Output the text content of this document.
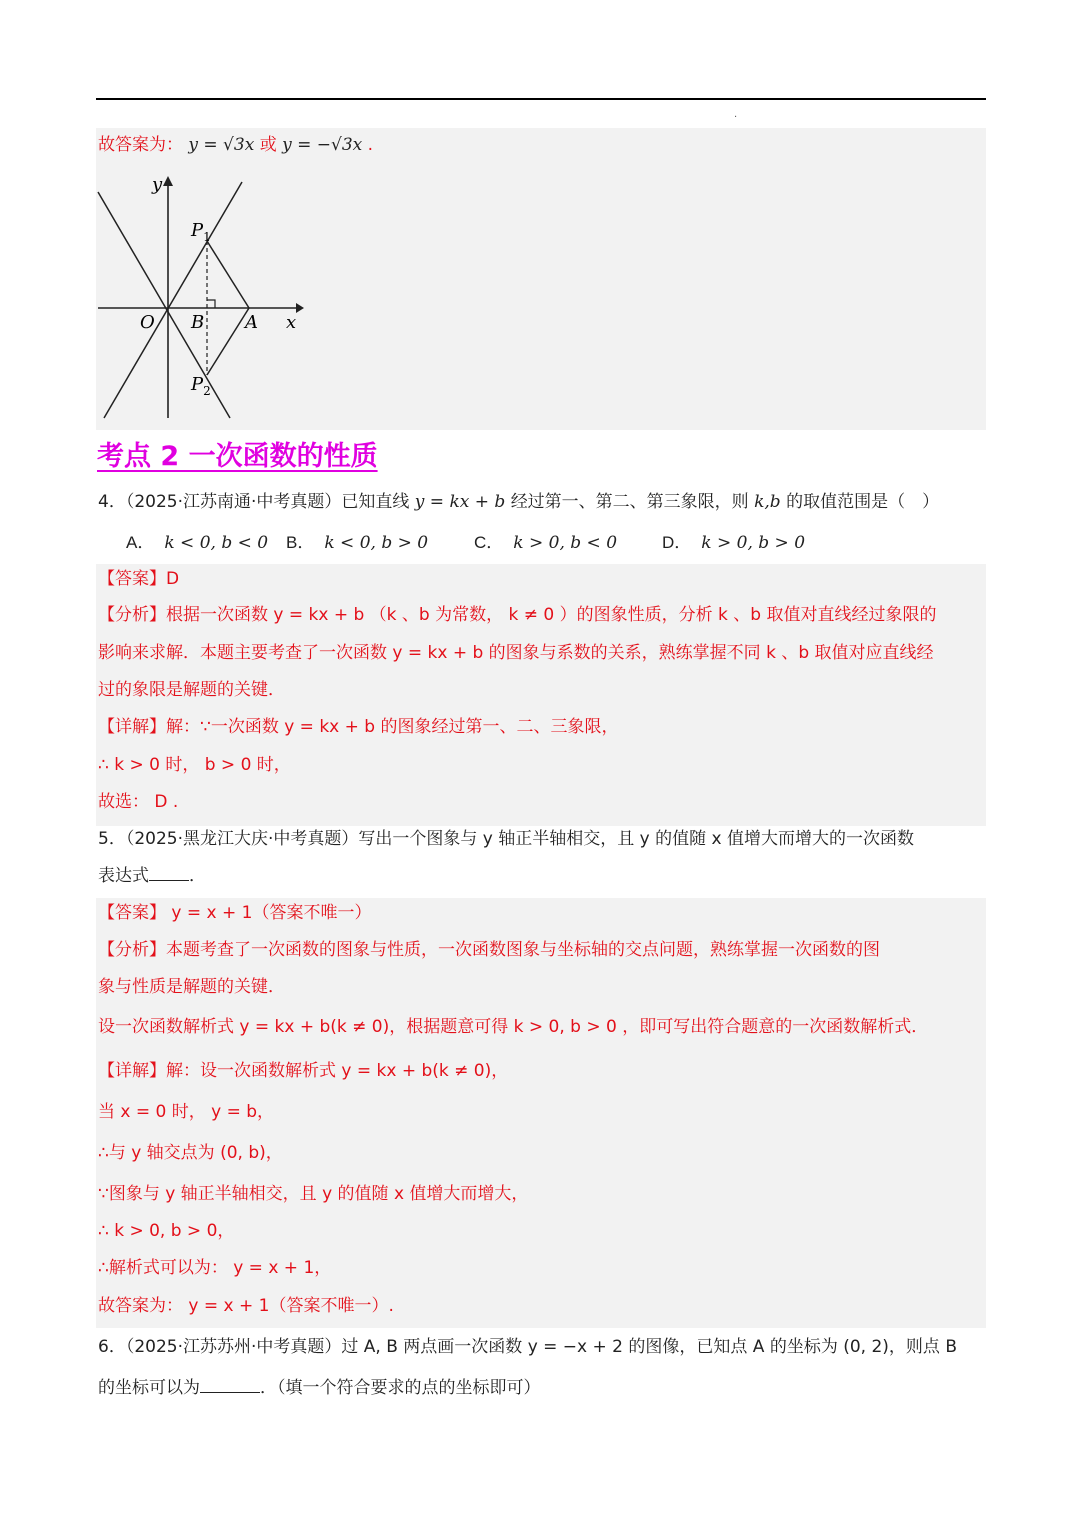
·
故答案为： y = √3x 或 y = −√3x .
y
x
O B A
$P_1$
$P_2$
考点 2 一次函数的性质
4．（2025·江苏南通·中考真题）已知直线 y = kx + b 经过第一、第二、第三象限，则 k,b 的取值范围是（　）
A． k < 0, b < 0 B． k < 0, b > 0	C． k > 0, b < 0	D． k > 0, b > 0
【答案】D
【分析】根据一次函数 y = kx + b （k 、b 为常数， k ≠ 0 ）的图象性质，分析 k 、b 取值对直线经过象限的
影响来求解．本题主要考查了一次函数 y = kx + b 的图象与系数的关系，熟练掌握不同 k 、b 取值对应直线经
过的象限是解题的关键．
【详解】解：∵一次函数 y = kx + b 的图象经过第一、二、三象限，
∴ k > 0 时， b > 0 时，
故选： D .
5．（2025·黑龙江大庆·中考真题）写出一个图象与 y 轴正半轴相交，且 y 的值随 x 值增大而增大的一次函数
表达式 ．
【答案】 y = x + 1（答案不唯一）
【分析】本题考查了一次函数的图象与性质，一次函数图象与坐标轴的交点问题，熟练掌握一次函数的图
象与性质是解题的关键．
设一次函数解析式 y = kx + b(k ≠ 0)，根据题意可得 k > 0, b > 0 ，即可写出符合题意的一次函数解析式．
【详解】解：设一次函数解析式 y = kx + b(k ≠ 0)，
当 x = 0 时， y = b，
∴与 y 轴交点为 (0, b)，
∵图象与 y 轴正半轴相交，且 y 的值随 x 值增大而增大，
∴ k > 0, b > 0，
∴解析式可以为： y = x + 1，
故答案为： y = x + 1（答案不唯一）.
6．（2025·江苏苏州·中考真题）过 A, B 两点画一次函数 y = −x + 2 的图像，已知点 A 的坐标为 (0, 2)，则点 B
的坐标可以为	．（填一个符合要求的点的坐标即可）
